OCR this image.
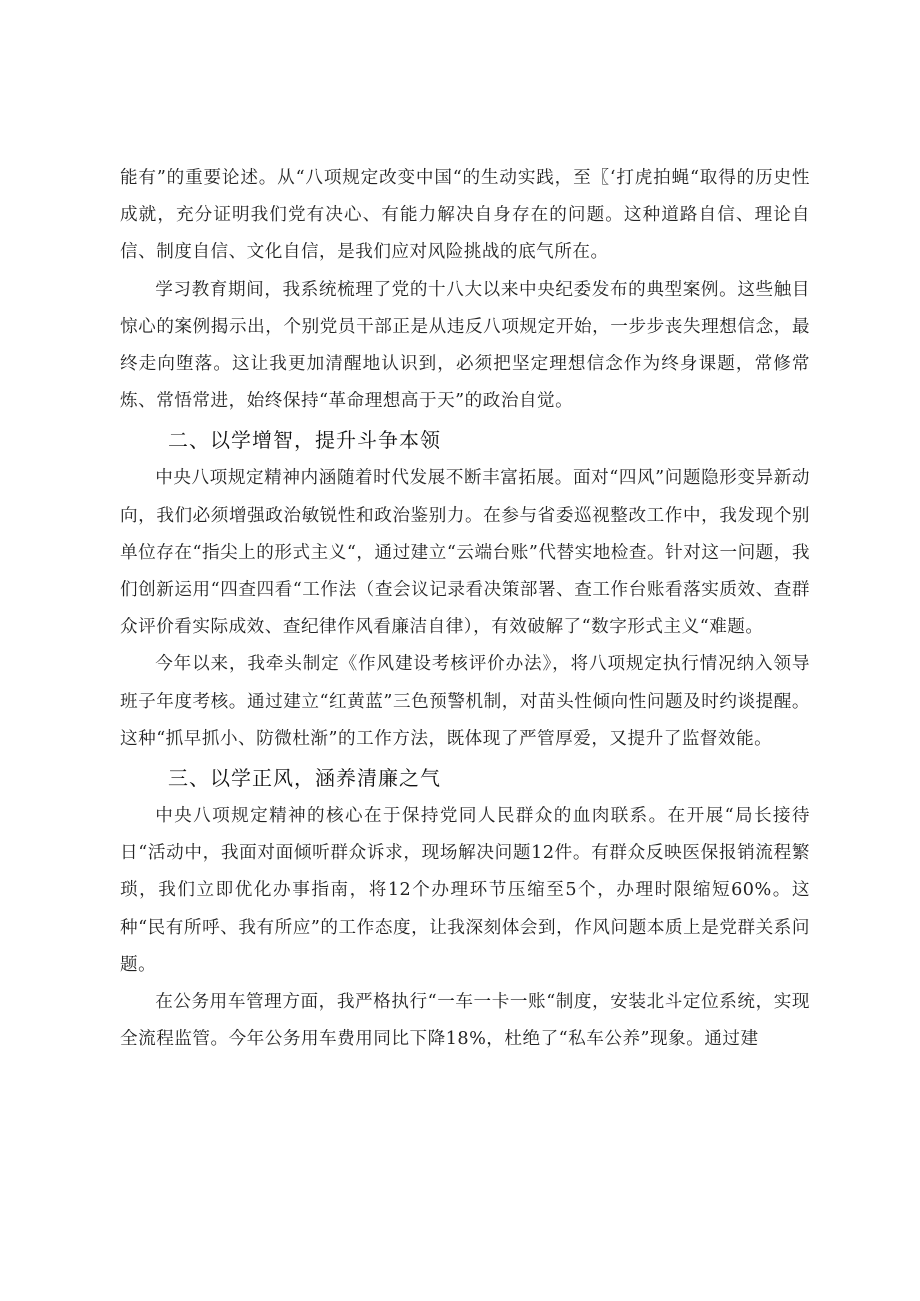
能有”的重要论述。从“八项规定改变中国“的生动实践，至〖‘打虎拍蝇“取得的历史性成就，充分证明我们党有决心、有能力解决自身存在的问题。这种道路自信、理论自信、制度自信、文化自信，是我们应对风险挑战的底气所在。

学习教育期间，我系统梳理了党的十八大以来中央纪委发布的典型案例。这些触目惊心的案例揭示出，个别党员干部正是从违反八项规定开始，一步步丧失理想信念，最终走向堕落。这让我更加清醒地认识到，必须把坚定理想信念作为终身课题，常修常炼、常悟常进，始终保持“革命理想高于天”的政治自觉。

二、以学增智，提升斗争本领

中央八项规定精神内涵随着时代发展不断丰富拓展。面对“四风”问题隐形变异新动向，我们必须增强政治敏锐性和政治鉴别力。在参与省委巡视整改工作中，我发现个别单位存在“指尖上的形式主义“，通过建立“云端台账”代替实地检查。针对这一问题，我们创新运用“四查四看“工作法（查会议记录看决策部署、查工作台账看落实质效、查群众评价看实际成效、查纪律作风看廉洁自律），有效破解了“数字形式主义“难题。

今年以来，我牵头制定《作风建设考核评价办法》，将八项规定执行情况纳入领导班子年度考核。通过建立“红黄蓝”三色预警机制，对苗头性倾向性问题及时约谈提醒。这种“抓早抓小、防微杜渐”的工作方法，既体现了严管厚爱，又提升了监督效能。

三、以学正风，涵养清廉之气

中央八项规定精神的核心在于保持党同人民群众的血肉联系。在开展“局长接待日“活动中，我面对面倾听群众诉求，现场解决问题12件。有群众反映医保报销流程繁琐，我们立即优化办事指南，将12个办理环节压缩至5个，办理时限缩短60%。这种“民有所呼、我有所应”的工作态度，让我深刻体会到，作风问题本质上是党群关系问题。

在公务用车管理方面，我严格执行“一车一卡一账“制度，安装北斗定位系统，实现全流程监管。今年公务用车费用同比下降18%，杜绝了“私车公养”现象。通过建
